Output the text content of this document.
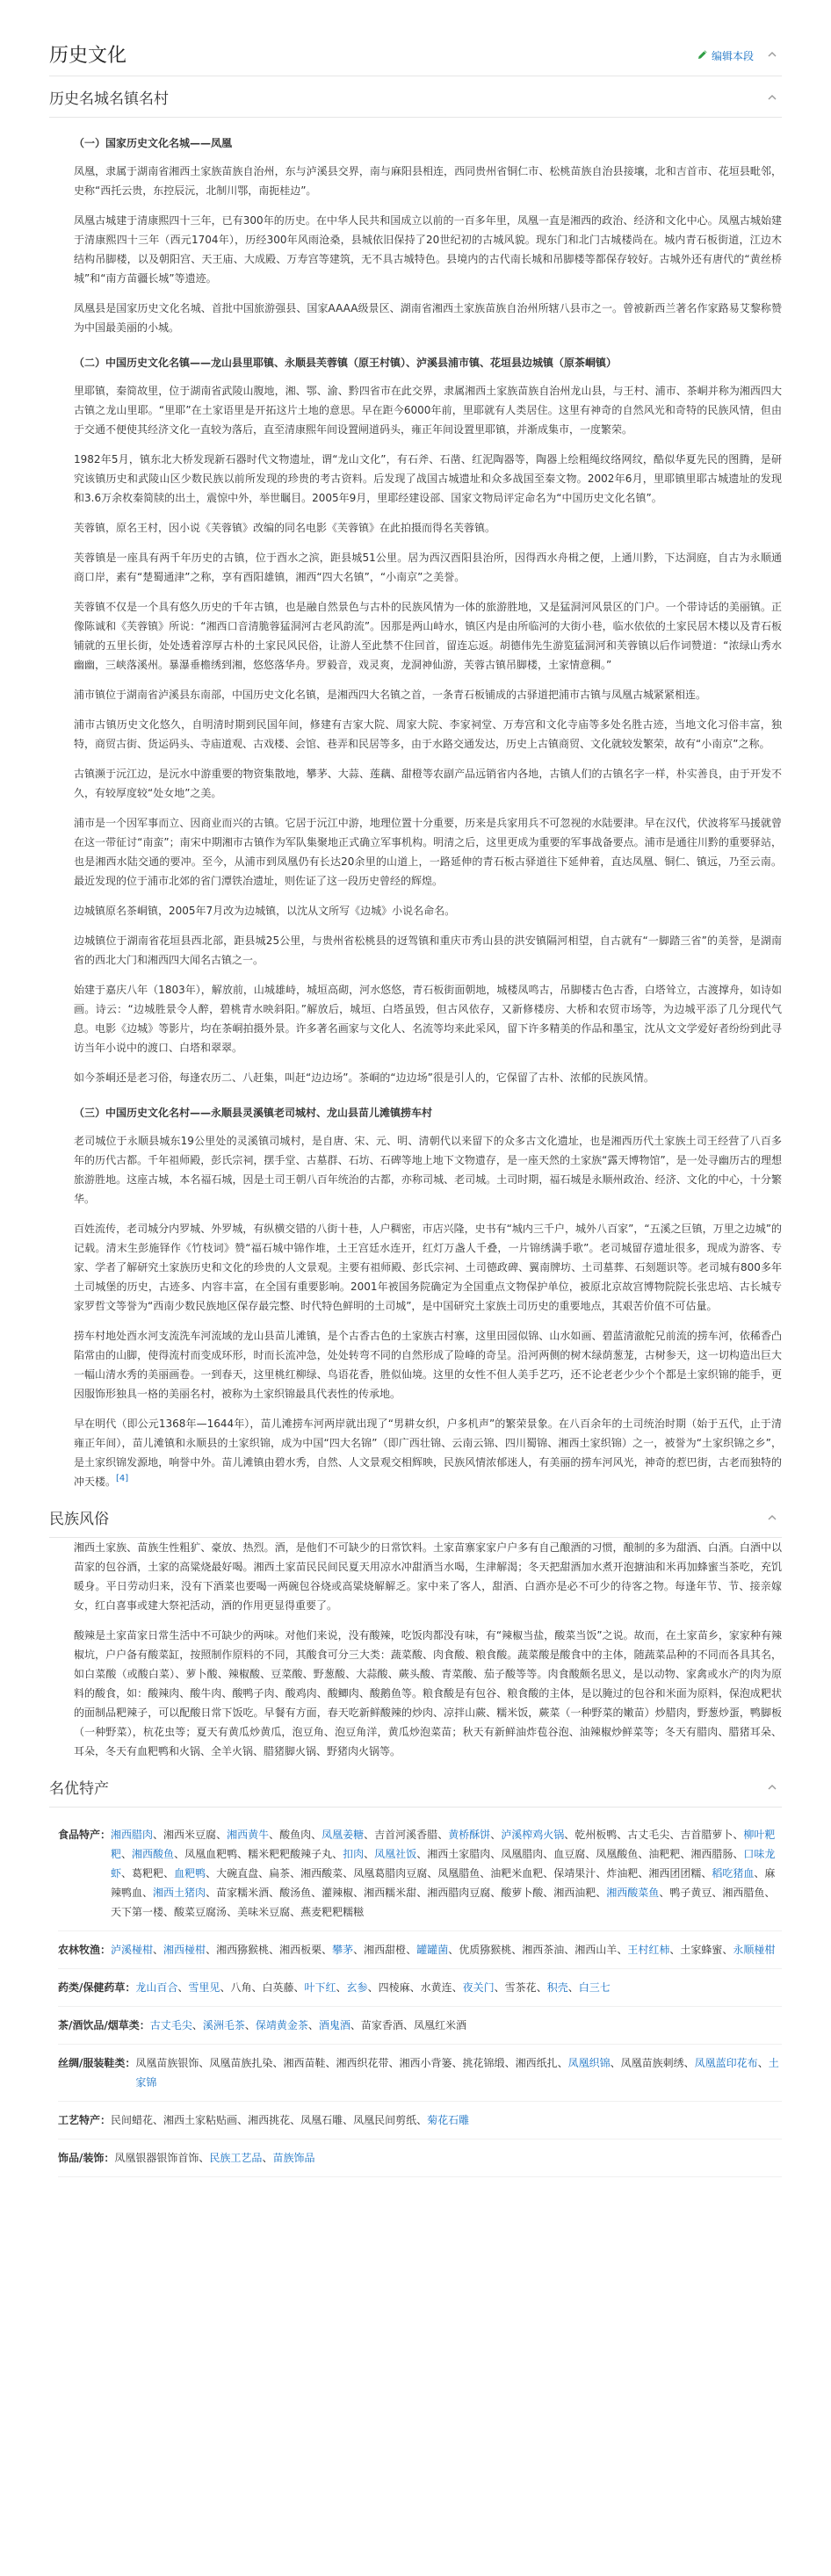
历史文化	编辑本段
历史名城名镇名村
（一）国家历史文化名城——凤凰

凤凰，隶属于湖南省湘西土家族苗族自治州，东与泸溪县交界，南与麻阳县相连，西同贵州省铜仁市、松桃苗族自治县接壤，北和吉首市、花垣县毗邻，史称“西托云贵，东控辰沅，北制川鄂，南扼桂边”。

凤凰古城建于清康熙四十三年，已有300年的历史。在中华人民共和国成立以前的一百多年里，凤凰一直是湘西的政治、经济和文化中心。凤凰古城始建于清康熙四十三年（西元1704年），历经300年风雨沧桑，县城依旧保持了20世纪初的古城风貌。现东门和北门古城楼尚在。城内青石板街道，江边木结构吊脚楼，以及朝阳宫、天王庙、大成殿、万寿宫等建筑，无不具古城特色。县境内的古代南长城和吊脚楼等都保存较好。古城外还有唐代的“黄丝桥城”和“南方苗疆长城”等遗迹。

凤凰县是国家历史文化名城、首批中国旅游强县、国家AAAA级景区、湖南省湘西土家族苗族自治州所辖八县市之一。曾被新西兰著名作家路易艾黎称赞为中国最美丽的小城。

（二）中国历史文化名镇——龙山县里耶镇、永顺县芙蓉镇（原王村镇）、泸溪县浦市镇、花垣县边城镇（原茶峒镇）

里耶镇，秦简故里，位于湖南省武陵山腹地，湘、鄂、渝、黔四省市在此交界，隶属湘西土家族苗族自治州龙山县，与王村、浦市、茶峒并称为湘西四大古镇之龙山里耶。“里耶”在土家语里是开拓这片土地的意思。早在距今6000年前，里耶就有人类居住。这里有神奇的自然风光和奇特的民族风情，但由于交通不便使其经济文化一直较为落后，直至清康熙年间设置闸道码头，雍正年间设置里耶镇，并渐成集市，一度繁荣。

1982年5月，镇东北大桥发现新石器时代文物遗址，谓“龙山文化”，有石斧、石凿、红泥陶器等，陶器上绘粗绳纹络网纹，酷似华夏先民的图腾，是研究该镇历史和武陵山区少数民族以前所发现的珍贵的考古资料。后发现了战国古城遗址和众多战国至秦文物。2002年6月，里耶镇里耶古城遗址的发现和3.6万余枚秦简牍的出土，震惊中外，举世瞩目。2005年9月，里耶经建设部、国家文物局评定命名为“中国历史文化名镇”。

芙蓉镇，原名王村，因小说《芙蓉镇》改编的同名电影《芙蓉镇》在此拍摄而得名芙蓉镇。

芙蓉镇是一座具有两千年历史的古镇，位于酉水之滨，距县城51公里。居为西汉酉阳县治所，因得西水舟楫之便，上通川黔，下达洞庭，自古为永顺通商口岸，素有“楚蜀通津”之称，享有酉阳雄镇，湘西“四大名镇”，“小南京”之美誉。

芙蓉镇不仅是一个具有悠久历史的千年古镇，也是融自然景色与古朴的民族风情为一体的旅游胜地，又是猛洞河风景区的门户。一个带诗话的美丽镇。正像陈诚和《芙蓉镇》所说：“湘西口音清脆蓉猛洞河古老风韵流”。因那是两山峙水，镇区内是由所临河的大街小巷，临水依依的土家民居木楼以及青石板铺就的五里长街，处处透着淳厚古朴的土家民风民俗，让游人至此禁不住回首，留连忘返。胡德伟先生游览猛洞河和芙蓉镇以后作词赞道：“浓绿山秀水幽幽，三峡落溪州。暴瀑垂檐绣到湘，悠悠落华舟。罗毅音，戏灵爽，龙洞神仙游，芙蓉古镇吊脚楼，土家情意稠。”

浦市镇位于湖南省泸溪县东南部，中国历史文化名镇，是湘西四大名镇之首，一条青石板铺成的古驿道把浦市古镇与凤凰古城紧紧相连。

浦市古镇历史文化悠久，自明清时期到民国年间，修建有吉家大院、周家大院、李家祠堂、万寿宫和文化寺庙等多处名胜古迹，当地文化习俗丰富，独特，商贸古街、货运码头、寺庙道观、古戏楼、会馆、巷弄和民居等多，由于水路交通发达，历史上古镇商贸、文化就较发繁荣，故有“小南京”之称。

古镇濒于沅江边，是沅水中游重要的物资集散地，攀茅、大蒜、莲藕、甜橙等农副产品远销省内各地，古镇人们的古镇名字一样，朴实善良，由于开发不久，有较厚度较“处女地”之美。

浦市是一个因军事而立、因商业而兴的古镇。它居于沅江中游，地理位置十分重要，历来是兵家用兵不可忽视的水陆要津。早在汉代，伏波将军马援就曾在这一带征讨“南蛮”；南宋中期湘市古镇作为军队集聚地正式确立军事机构。明清之后，这里更成为重要的军事战备要点。浦市是通往川黔的重要驿站，也是湘西水陆交通的要冲。至今，从浦市到凤凰仍有长达20余里的山道上，一路延伸的青石板古驿道往下延伸着，直达凤凰、铜仁、镇远，乃至云南。最近发现的位于浦市北郊的省门潭铁冶遗址，则佐证了这一段历史曾经的辉煌。

边城镇原名茶峒镇，2005年7月改为边城镇，以沈从文所写《边城》小说名命名。

边城镇位于湖南省花垣县西北部，距县城25公里，与贵州省松桃县的迓驾镇和重庆市秀山县的洪安镇隔河相望，自古就有“一脚踏三省”的美誉，是湖南省的西北大门和湘西四大闻名古镇之一。

始建于嘉庆八年（1803年），解放前，山城雄峙，城垣高砌，河水悠悠，青石板街面朝地，城楼凤鸣古，吊脚楼古色古香，白塔耸立，古渡撑舟，如诗如画。诗云：“边城胜景令人醉，碧桃青水映斜阳。”解放后，城垣、白塔虽毁，但古风依存，又新修楼房、大桥和农贸市场等，为边城平添了几分现代气息。电影《边城》等影片，均在茶峒拍摄外景。许多著名画家与文化人、名流等均来此采风，留下许多精美的作品和墨宝，沈从文文学爱好者纷纷到此寻访当年小说中的渡口、白塔和翠翠。

如今茶峒还是老习俗，每逢农历二、八赶集，叫赶“边边场”。茶峒的“边边场”很是引人的，它保留了古朴、浓郁的民族风情。

（三）中国历史文化名村——永顺县灵溪镇老司城村、龙山县苗儿滩镇捞车村

老司城位于永顺县城东19公里处的灵溪镇司城村，是自唐、宋、元、明、清朝代以来留下的众多古文化遗址，也是湘西历代土家族土司王经营了八百多年的历代古都。千年祖师殿，彭氏宗祠，摆手堂、古墓群、石坊、石碑等地上地下文物遗存，是一座天然的土家族“露天博物馆”，是一处寻幽历古的理想旅游胜地。这座古城，本名福石城，因是土司王朝八百年统治的古都，亦称司城、老司城。土司时期，福石城是永顺州政治、经济、文化的中心，十分繁华。

百姓流传，老司城分内罗城、外罗城，有纵横交错的八街十巷，人户稠密，市店兴隆，史书有“城内三千户，城外八百家”，“五溪之巨镇，万里之边城”的记载。清末生彭施铎作《竹枝词》赞“福石城中锦作堆，土王宫廷水连开，红灯万盏人千叠，一片锦绣满手歌”。老司城留存遗址很多，现成为游客、专家、学者了解研究土家族历史和文化的珍贵的人文景观。主要有祖师殿、彭氏宗祠、土司德政碑、翼南牌坊、土司墓葬、石刻题识等。老司城有800多年土司城堡的历史，古迹多、内容丰富，在全国有重要影响。2001年被国务院确定为全国重点文物保护单位，被原北京故宫博物院院长张忠培、古长城专家罗哲文等誉为“西南少数民族地区保存最完整、时代特色鲜明的土司城”，是中国研究土家族土司历史的重要地点，其艰苦价值不可估量。

捞车村地处酉水河支流洗车河流域的龙山县苗儿滩镇，是个古香古色的土家族古村寨，这里田园似锦、山水如画、碧蓝清澈舵兄前流的捞车河，依稀香凸陷常由的山脚，使得流村而变成环形，时而长流冲急，处处转弯不同的自然形成了险峰的奇呈。沿河两侧的树木绿荫葱茏，古树参天，这一切构造出巨大一幅山清水秀的美丽画卷。一到春天，这里桃红柳绿、鸟语花香，胜似仙境。这里的女性不但人美手艺巧，还不论老老少少个个都是土家织锦的能手，更因服饰形独具一格的美丽名村，被称为土家织锦最具代表性的传承地。

早在明代（即公元1368年—1644年），苗儿滩捞车河两岸就出现了“男耕女织，户多机声”的繁荣景象。在八百余年的土司统治时期（始于五代，止于清雍正年间），苗儿滩镇和永顺县的土家织锦，成为中国“四大名锦”（即广西壮锦、云南云锦、四川蜀锦、湘西土家织锦）之一，被誉为“土家织锦之乡”，是土家织锦发源地，响誉中外。苗儿滩镇由碧水秀，自然、人文景观交相辉映，民族风情浓郁迷人，有美丽的捞车河风光，神奇的惹巴街，古老而独特的冲天楼。[4]

民族风俗

湘西土家族、苗族生性粗犷、豪放、热烈。酒，是他们不可缺少的日常饮料。土家苗寨家家户户多有自己酿酒的习惯，酿制的多为甜酒、白酒。白酒中以苗家的包谷酒，土家的高粱烧最好喝。湘西土家苗民民间民夏天用凉水冲甜酒当水喝，生津解渴；冬天把甜酒加水煮开泡搪油和米再加蜂蜜当茶吃，充饥暖身。平日劳动归来，没有下酒菜也要喝一两碗包谷烧或高粱烧解解乏。家中来了客人，甜酒、白酒亦是必不可少的待客之物。每逢年节、节、接亲嫁女，红白喜事或建大祭祀活动，酒的作用更显得重要了。

酸辣是土家苗家日常生活中不可缺少的两味。对他们来说，没有酸辣，吃饭肉都没有味，有“辣椒当盐，酸菜当饭”之说。故而，在土家苗乡，家家种有辣椒坑，户户备有酸菜缸，按照制作原料的不同，其酸食可分三大类：蔬菜酸、肉食酸、粮食酸。蔬菜酸是酸食中的主体，随蔬菜品种的不同而各具其名，如白菜酸（或酸白菜）、萝卜酸、辣椒酸、豆菜酸、野葱酸、大蒜酸、蕨头酸、青菜酸、茄子酸等等。肉食酸颇名思义，是以动物、家禽或水产的肉为原料的酸食，如：酸辣肉、酸牛肉、酸鸭子肉、酸鸡肉、酸鲫肉、酸鹅鱼等。粮食酸是有包谷、粮食酸的主体，是以腌过的包谷和米面为原料，保泡成粑状的面制品粑辣子，可以配酸日常下饭吃。早餐有方面，春天吃新鲜酸辣的炒肉、凉拌山蕨、糯米饭，蕨菜（一种野菜的嫩苗）炒腊肉，野葱炒蛋，鸭脚板（一种野菜），杭花虫等；夏天有黄瓜炒黄瓜，泡豆角、泡豆角洋，黄瓜炒泡菜苗；秋天有新鲜油炸苞谷泡、油辣椒炒鲜菜等；冬天有腊肉、腊猪耳朵、耳朵，冬天有血粑鸭和火锅、全羊火锅、腊猪脚火锅、野猪肉火锅等。

名优特产
食品特产： 湘西腊肉、湘西米豆腐、湘西黄牛、酸鱼肉、凤凰姜糖、吉首河溪香腊、黄桥酥饼、泸溪榨鸡火锅、乾州板鸭、古丈毛尖、吉首腊萝卜、柳叶粑粑、湘西酸鱼、凤凰血粑鸭、糯米粑粑酸辣子丸、扣肉、凤凰社饭、湘西土家腊肉、凤凰腊肉、血豆腐、凤凰酸鱼、油粑粑、湘西腊肠、口味龙虾、葛粑粑、血粑鸭、大碗直盘、扁茶、湘西酸菜、凤凰葛腊肉豆腐、凤凰腊鱼、油粑米血粑、保靖果汁、炸油粑、湘西团团糯、稻吃猪血、麻辣鸭血、湘西土猪肉、苗家糯米酒、酸汤鱼、灌辣椒、湘西糯米甜、湘西腊肉豆腐、酸萝卜酸、湘西油粑、湘西酸菜鱼、鸭子黄豆、湘西腊鱼、天下第一楼、酸菜豆腐汤、美味米豆腐、燕麦粑粑糯糍
农林牧渔： 泸溪椪柑、湘西椪柑、湘西猕猴桃、湘西板栗、攀茅、湘西甜橙、罐罐菌、优质猕猴桃、湘西茶油、湘西山羊、王村红柿、土家蜂蜜、永顺椪柑
药类/保健药草： 龙山百合、雪里见、八角、白英藤、叶下红、玄参、四棱麻、水黄连、夜关门、雪茶花、积壳、白三七
茶/酒饮品/烟草类： 古丈毛尖、溪洲毛茶、保靖黄金茶、酒鬼酒、苗家香酒、凤凰红米酒
丝绸/服装鞋类： 凤凰苗族银饰、凤凰苗族扎染、湘西苗鞋、湘西织花带、湘西小背篓、挑花锦缎、湘西纸扎、凤凰织锦、凤凰苗族刺绣、凤凰蓝印花布、土家锦
工艺特产： 民间蜡花、湘西土家粘贴画、湘西挑花、凤凰石雕、凤凰民间剪纸、菊花石雕
饰品/装饰： 凤凰银器银饰首饰、民族工艺品、苗族饰品
